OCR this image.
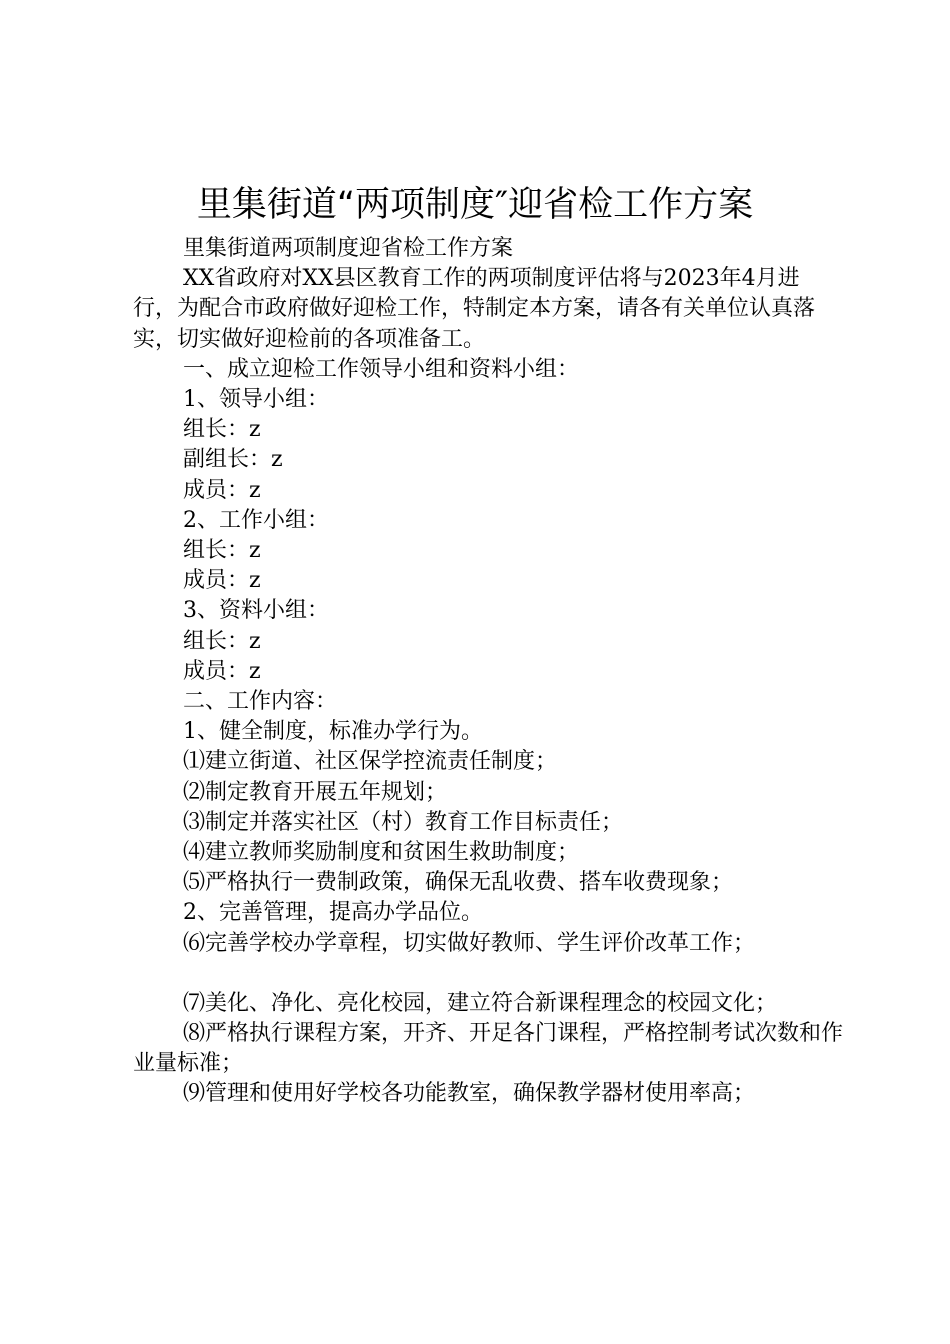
里集街道“两项制度″迎省检工作方案

里集街道两项制度迎省检工作方案

XX省政府对XX县区教育工作的两项制度评估将与2023年4月进行，为配合市政府做好迎检工作，特制定本方案，请各有关单位认真落实，切实做好迎检前的各项准备工。

一、成立迎检工作领导小组和资料小组：

1、领导小组：

组长：z

副组长：z

成员：z

2、工作小组：

组长：z

成员：z

3、资料小组：

组长：z

成员：z

二、工作内容：

1、健全制度，标准办学行为。

⑴建立街道、社区保学控流责任制度；

⑵制定教育开展五年规划；

⑶制定并落实社区（村）教育工作目标责任；

⑷建立教师奖励制度和贫困生救助制度；

⑸严格执行一费制政策，确保无乱收费、搭车收费现象；

2、完善管理，提高办学品位。

⑹完善学校办学章程，切实做好教师、学生评价改革工作；

⑺美化、净化、亮化校园，建立符合新课程理念的校园文化；

⑻严格执行课程方案，开齐、开足各门课程，严格控制考试次数和作业量标准；

⑼管理和使用好学校各功能教室，确保教学器材使用率高；
